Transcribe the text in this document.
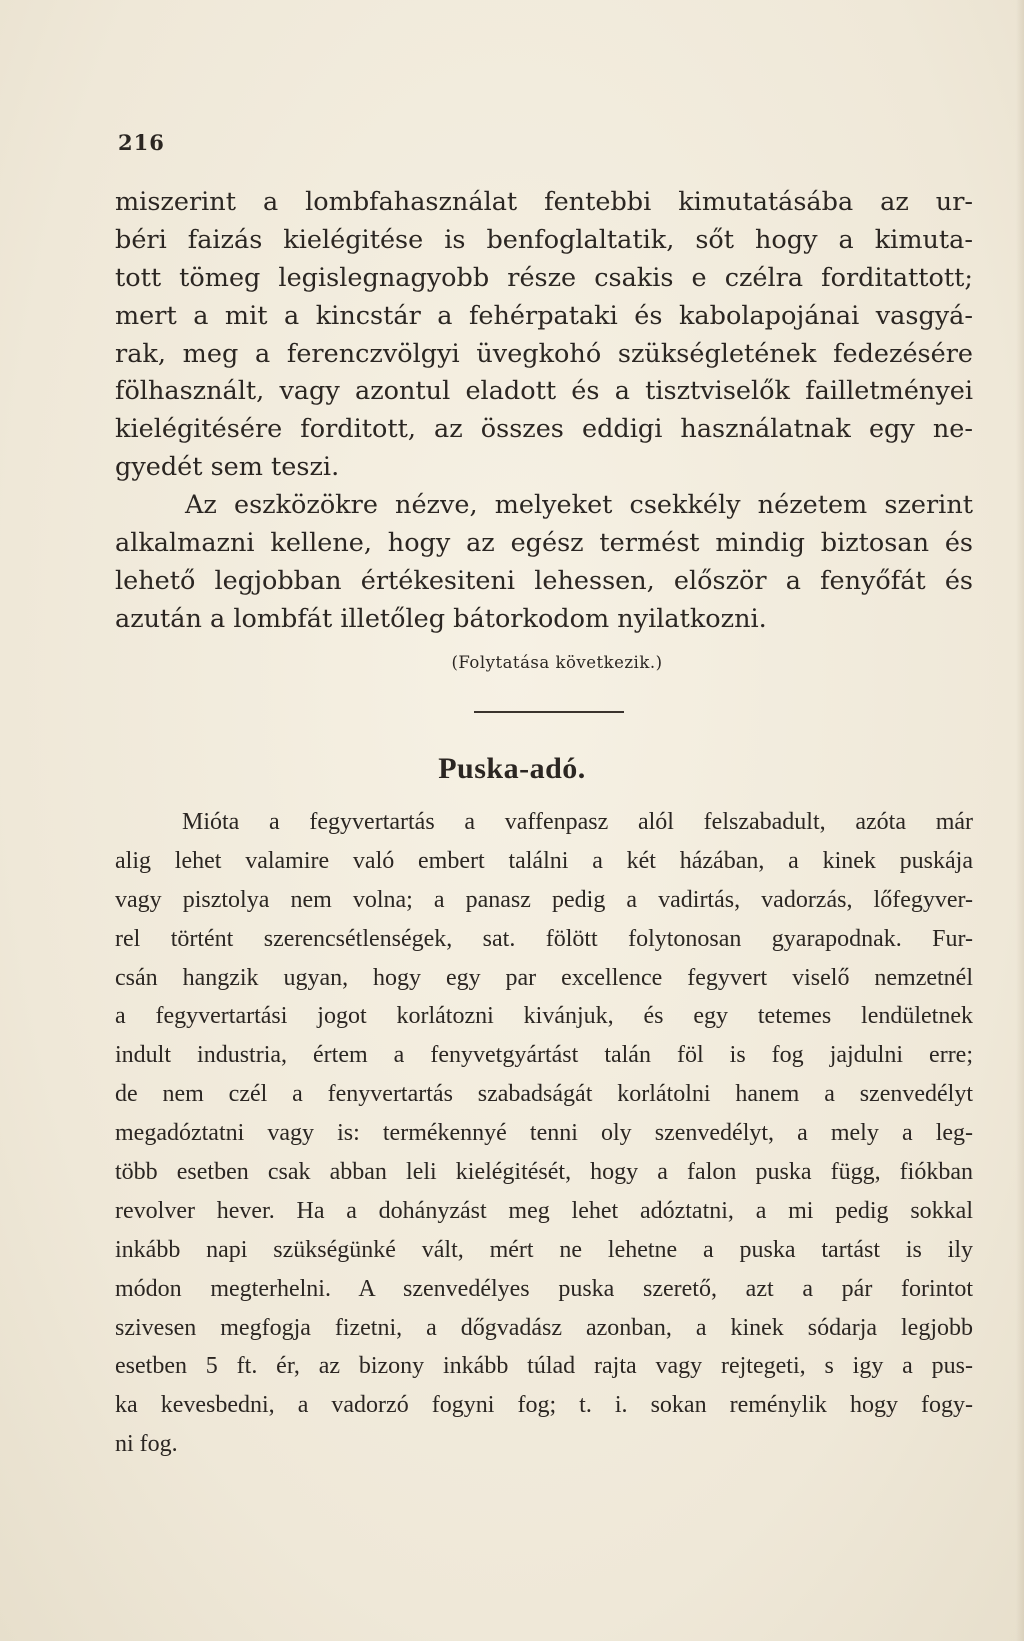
216
miszerint a lombfahasználat fentebbi kimutatásába az ur-
béri faizás kielégitése is benfoglaltatik, sőt hogy a kimuta-
tott tömeg legislegnagyobb része csakis e czélra forditattott;
mert a mit a kincstár a fehérpataki és kabolapojánai vasgyá-
rak, meg a ferenczvölgyi üvegkohó szükségletének fedezésére
fölhasznált, vagy azontul eladott és a tisztviselők failletményei
kielégitésére forditott, az összes eddigi használatnak egy ne-
gyedét sem teszi.
Az eszközökre nézve, melyeket csekkély nézetem szerint
alkalmazni kellene, hogy az egész termést mindig biztosan és
lehető legjobban értékesiteni lehessen, először a fenyőfát és
azután a lombfát illetőleg bátorkodom nyilatkozni.
(Folytatása következik.)
Puska-adó.
Mióta a fegyvertartás a vaffenpasz alól felszabadult, azóta már
alig lehet valamire való embert találni a két házában, a kinek puskája
vagy pisztolya nem volna; a panasz pedig a vadirtás, vadorzás, lőfegyver-
rel történt szerencsétlenségek, sat. fölött folytonosan gyarapodnak. Fur-
csán hangzik ugyan, hogy egy par excellence fegyvert viselő nemzetnél
a fegyvertartási jogot korlátozni kivánjuk, és egy tetemes lendületnek
indult industria, értem a fenyvetgyártást talán föl is fog jajdulni erre;
de nem czél a fenyvertartás szabadságát korlátolni hanem a szenvedélyt
megadóztatni vagy is: termékennyé tenni oly szenvedélyt, a mely a leg-
több esetben csak abban leli kielégitését, hogy a falon puska függ, fiókban
revolver hever. Ha a dohányzást meg lehet adóztatni, a mi pedig sokkal
inkább napi szükségünké vált, mért ne lehetne a puska tartást is ily
módon megterhelni. A szenvedélyes puska szerető, azt a pár forintot
szivesen megfogja fizetni, a dőgvadász azonban, a kinek sódarja legjobb
esetben 5 ft. ér, az bizony inkább túlad rajta vagy rejtegeti, s igy a pus-
ka kevesbedni, a vadorzó fogyni fog; t. i. sokan reménylik hogy fogy-
ni fog.
